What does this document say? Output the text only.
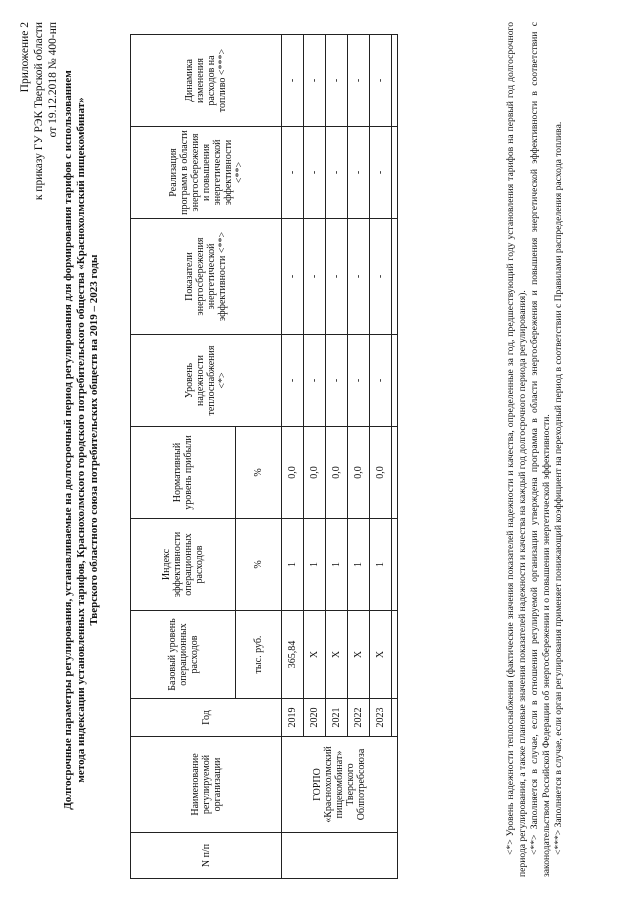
Приложение 2 к приказу ГУ РЭК Тверской области от 19.12.2018 № 400-нп Долгосрочные параметры регулирования, устанавливаемые на долгосрочный период регулирования для формирования тарифов с использованием метода индексации установленных тарифов, Краснохолмского городского потребительского общества «Краснохолмский пищекомбинат» Тверского областного союза потребительских обществ на 2019 – 2023 годы
N п/п	Наименование регулируемой организации	Год	Базовый уровень операционных расходов	Индекс эффективности операционных расходов	Нормативный уровень прибыли	Уровень надежности теплоснабжения <*>	Показатели энергосбережения энергетической эффективности <**>	Реализация программ в области энергосбережения и повышения энергетической эффективности <**>	Динамика изменения расходов на топливо <***>
			тыс. руб.	%	%				

	ГОРПО «Краснохолмский пищекомбинат» Тверского Облпотребсоюза	2019	365,84	1	0,0	-	-	-	-
		2020	X	1	0,0	-	-	-	-
		2021	X	1	0,0	-	-	-	-
		2022	X	1	0,0	-	-	-	-
		2023	X	1	0,0	-	-	-	-
								<*> Уровень надежности теплоснабжения (фактические значения показателей надежности и качества, определенные за год, предшествующий году установления тарифов на первый год долгосрочного периода регулирования, а также плановые значения показателей надежности и качества на каждый год долгосрочного периода регулирования). <**> Заполняется в случае, если в отношении регулируемой организации утверждена программа в области энергосбережения и повышения энергетической эффективности в соответствии с законодательством Российской Федерации об энергосбережении и о повышении энергетической эффективности. <***> Заполняется в случае, если орган регулирования применяет понижающий коэффициент на переходный период в соответствии с Правилами распределения расхода топлива.
